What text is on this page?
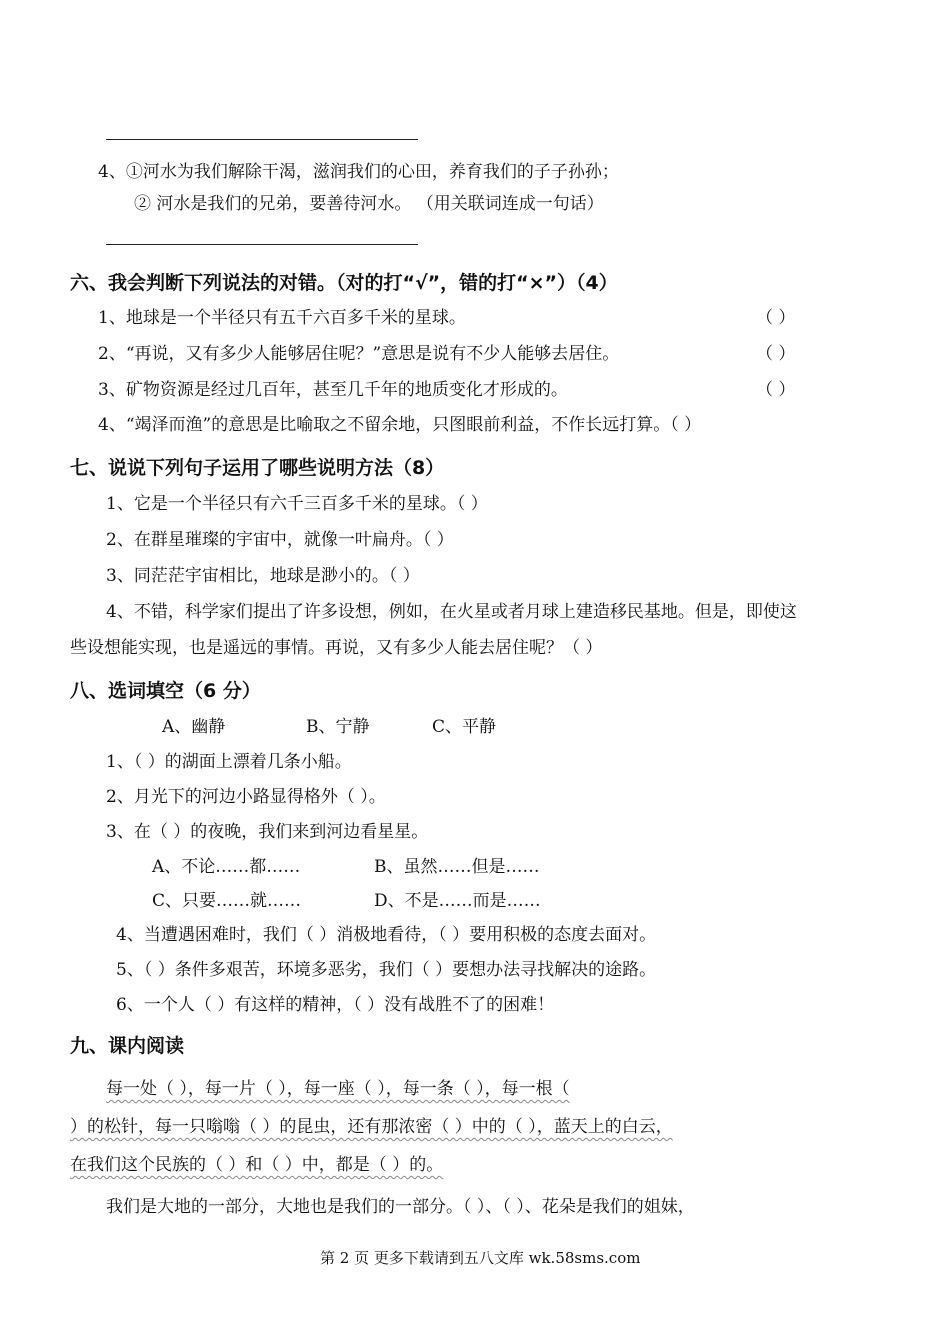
4、①河水为我们解除干渴，滋润我们的心田，养育我们的子子孙孙；
② 河水是我们的兄弟，要善待河水。 （用关联词连成一句话）
六、我会判断下列说法的对错。（对的打“√”，错的打“×”）（4）
1、地球是一个半径只有五千六百多千米的星球。	（ ）
2、“再说，又有多少人能够居住呢？”意思是说有不少人能够去居住。	（ ）
3、矿物资源是经过几百年，甚至几千年的地质变化才形成的。	（ ）
4、“竭泽而渔”的意思是比喻取之不留余地，只图眼前利益，不作长远打算。（ ）
七、说说下列句子运用了哪些说明方法（8）
1、它是一个半径只有六千三百多千米的星球。（ ）
2、在群星璀璨的宇宙中，就像一叶扁舟。（ ）
3、同茫茫宇宙相比，地球是渺小的。（ ）
4、不错，科学家们提出了许多设想，例如，在火星或者月球上建造移民基地。但是，即使这
些设想能实现，也是遥远的事情。再说，又有多少人能去居住呢？（ ）
八、选词填空（6 分）
A、幽静	B、宁静	C、平静
1、（ ）的湖面上漂着几条小船。
2、月光下的河边小路显得格外（ ）。
3、在（ ）的夜晚，我们来到河边看星星。
A、不论……都……	B、虽然……但是……
C、只要……就……	D、不是……而是……
4、当遭遇困难时，我们（ ）消极地看待，（ ）要用积极的态度去面对。
5、（ ）条件多艰苦，环境多恶劣，我们（ ）要想办法寻找解决的途路。
6、一个人（ ）有这样的精神，（ ）没有战胜不了的困难！
九、课内阅读
每一处（ ），每一片（ ），每一座（ ），每一条（ ），每一根（
）的松针，每一只嗡嗡（ ）的昆虫，还有那浓密（ ）中的（ ），蓝天上的白云，
在我们这个民族的（ ）和（ ）中，都是（ ）的。
我们是大地的一部分，大地也是我们的一部分。（ ）、（ ）、花朵是我们的姐妹，
第 2 页 更多下载请到五八文库 wk.58sms.com
